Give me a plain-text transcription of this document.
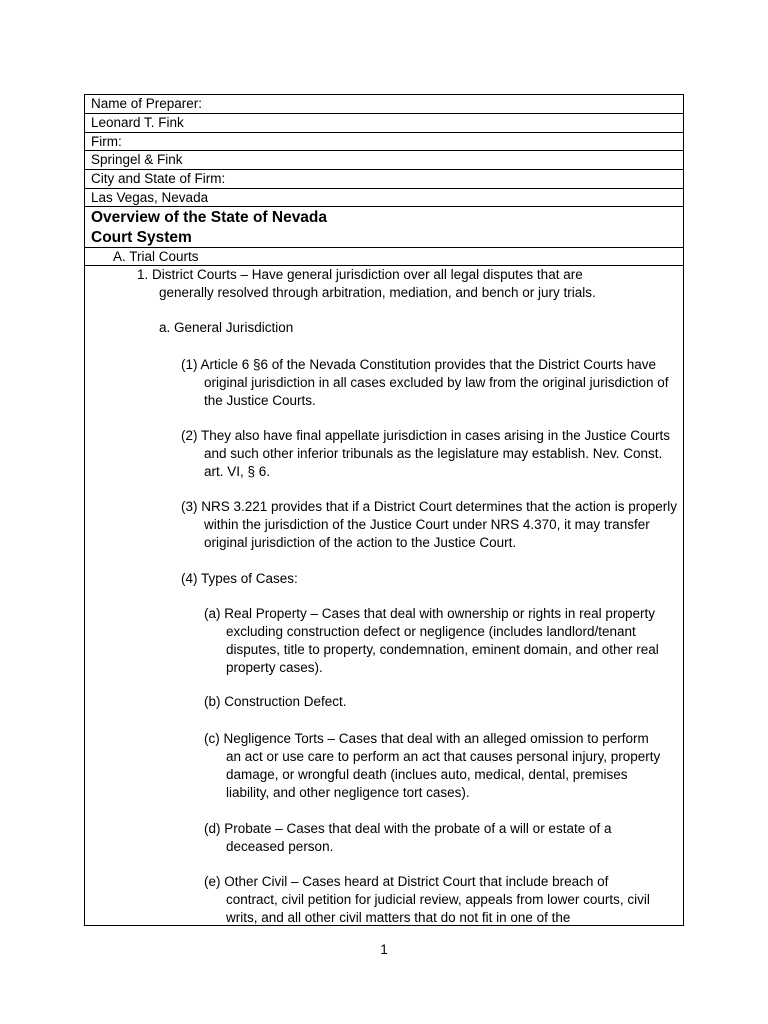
Name of Preparer:
Leonard T. Fink
Firm:
Springel & Fink
City and State of Firm:
Las Vegas, Nevada
Overview of the State of Nevada
Court System
A. Trial Courts
1. District Courts – Have general jurisdiction over all legal disputes that are
generally resolved through arbitration, mediation, and bench or jury trials.
a. General Jurisdiction
(1) Article 6 §6 of the Nevada Constitution provides that the District Courts have original jurisdiction in all cases excluded by law from the original jurisdiction of the Justice Courts.
(2) They also have final appellate jurisdiction in cases arising in the Justice Courts and such other inferior tribunals as the legislature may establish. Nev. Const. art. VI, § 6.
(3) NRS 3.221 provides that if a District Court determines that the action is properly within the jurisdiction of the Justice Court under NRS 4.370, it may transfer original jurisdiction of the action to the Justice Court.
(4) Types of Cases:
(a) Real Property – Cases that deal with ownership or rights in real property excluding construction defect or negligence (includes landlord/tenant disputes, title to property, condemnation, eminent domain, and other real property cases).
(b) Construction Defect.
(c) Negligence Torts – Cases that deal with an alleged omission to perform an act or use care to perform an act that causes personal injury, property damage, or wrongful death (inclues auto, medical, dental, premises liability, and other negligence tort cases).
(d) Probate – Cases that deal with the probate of a will or estate of a deceased person.
(e) Other Civil – Cases heard at District Court that include breach of contract, civil petition for judicial review, appeals from lower courts, civil writs, and all other civil matters that do not fit in one of the
1
